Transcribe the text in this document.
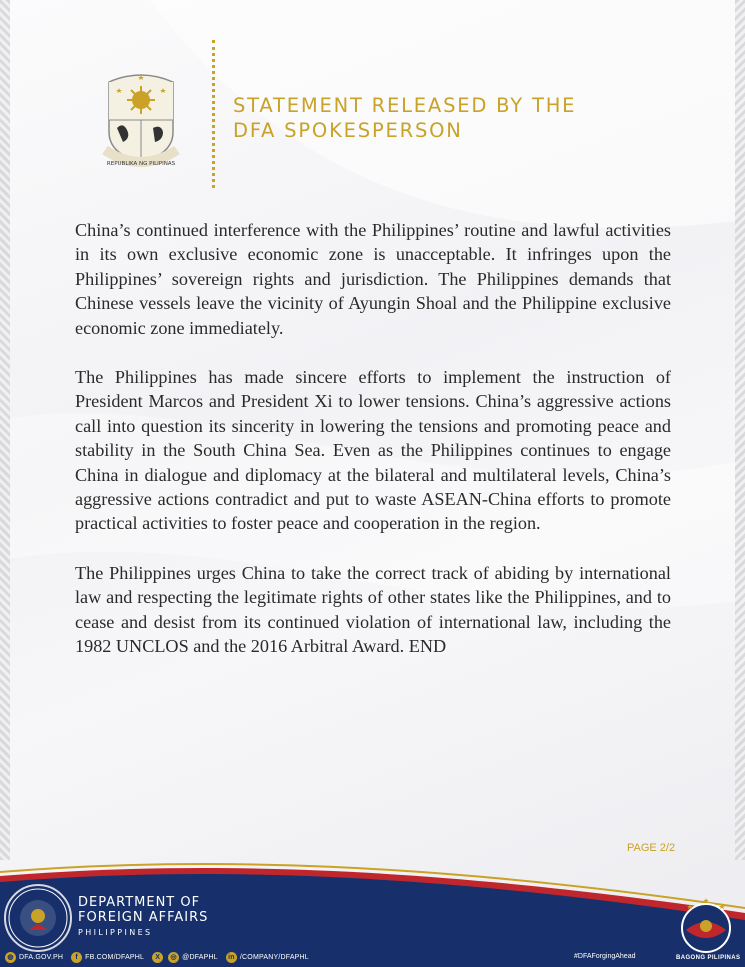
REPUBLIKA NG PILIPINAS
STATEMENT RELEASED BY THE
DFA SPOKESPERSON

China’s continued interference with the Philippines’ routine and lawful activities in its own exclusive economic zone is unacceptable. It infringes upon the Philippines’ sovereign rights and jurisdiction. The Philippines demands that Chinese vessels leave the vicinity of Ayungin Shoal and the Philippine exclusive economic zone immediately.

The Philippines has made sincere efforts to implement the instruction of President Marcos and President Xi to lower tensions. China’s aggressive actions call into question its sincerity in lowering the tensions and promoting peace and stability in the South China Sea. Even as the Philippines continues to engage China in dialogue and diplomacy at the bilateral and multilateral levels, China’s aggressive actions contradict and put to waste ASEAN-China efforts to promote practical activities to foster peace and cooperation in the region.

The Philippines urges China to take the correct track of abiding by international law and respecting the legitimate rights of other states like the Philippines, and to cease and desist from its continued violation of international law, including the 1982 UNCLOS and the 2016 Arbitral Award. END

PAGE 2/2
DEPARTMENT OF
FOREIGN AFFAIRS
PHILIPPINES
◍ DFA.GOV.PH	f	FB.COM/DFAPHL	X	◎ @DFAPHL	in /COMPANY/DFAPHL	#DFAForgingAhead	BAGONG PILIPINAS
